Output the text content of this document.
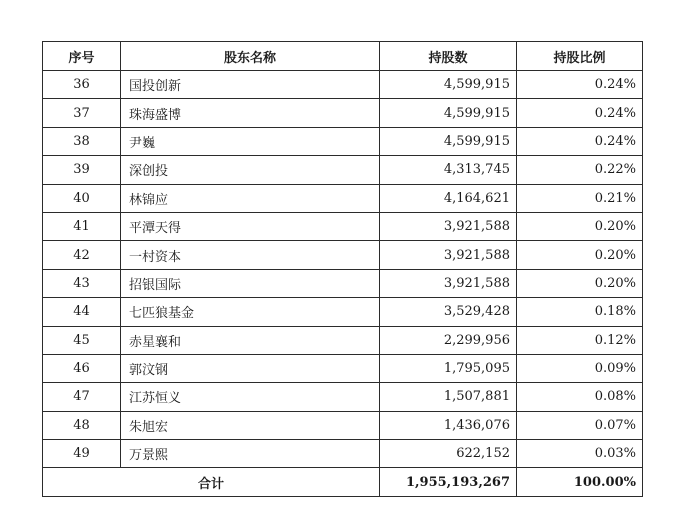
序号	股东名称	持股数	持股比例
36	国投创新	4,599,915	0.24%
37	珠海盛博	4,599,915	0.24%
38	尹巍	4,599,915	0.24%
39	深创投	4,313,745	0.22%
40	林锦应	4,164,621	0.21%
41	平潭天得	3,921,588	0.20%
42	一村资本	3,921,588	0.20%
43	招银国际	3,921,588	0.20%
44	七匹狼基金	3,529,428	0.18%
45	赤星襄和	2,299,956	0.12%
46	郭汶钢	1,795,095	0.09%
47	江苏恒义	1,507,881	0.08%
48	朱旭宏	1,436,076	0.07%
49	万景熙	622,152	0.03%
合计		1,955,193,267	100.00%
